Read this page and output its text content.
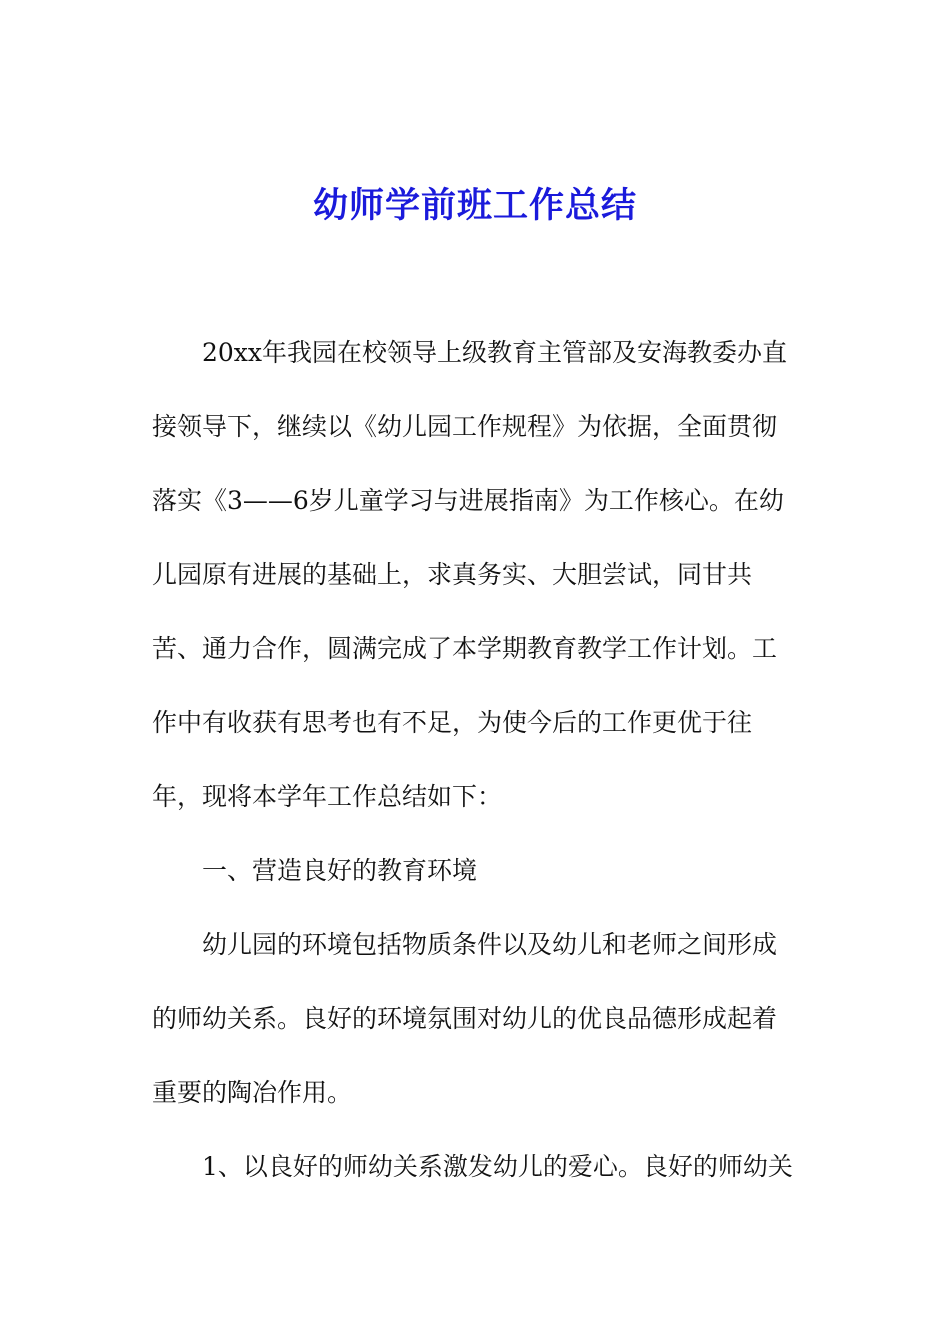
幼师学前班工作总结

20xx年我园在校领导上级教育主管部及安海教委办直

接领导下，继续以《幼儿园工作规程》为依据，全面贯彻

落实《3——6岁儿童学习与进展指南》为工作核心。在幼

儿园原有进展的基础上，求真务实、大胆尝试，同甘共

苦、通力合作，圆满完成了本学期教育教学工作计划。工

作中有收获有思考也有不足，为使今后的工作更优于往

年，现将本学年工作总结如下：

一、营造良好的教育环境

幼儿园的环境包括物质条件以及幼儿和老师之间形成

的师幼关系。良好的环境氛围对幼儿的优良品德形成起着

重要的陶冶作用。

1、以良好的师幼关系激发幼儿的爱心。良好的师幼关
